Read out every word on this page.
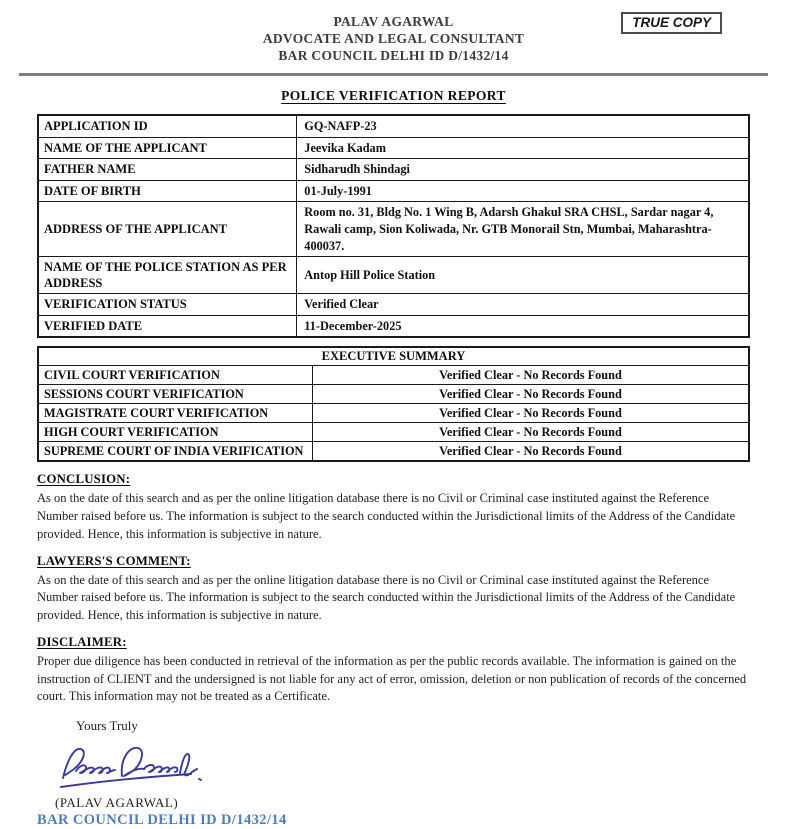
PALAV AGARWAL
ADVOCATE AND LEGAL CONSULTANT
BAR COUNCIL DELHI ID D/1432/14
TRUE COPY
POLICE VERIFICATION REPORT
APPLICATION ID	GQ-NAFP-23
NAME OF THE APPLICANT	Jeevika Kadam
FATHER NAME	Sidharudh Shindagi
DATE OF BIRTH	01-July-1991
ADDRESS OF THE APPLICANT	Room no. 31, Bldg No. 1 Wing B, Adarsh Ghakul SRA CHSL, Sardar nagar 4, Rawali camp, Sion Koliwada, Nr. GTB Monorail Stn, Mumbai, Maharashtra-400037.
NAME OF THE POLICE STATION AS PER ADDRESS	Antop Hill Police Station
VERIFICATION STATUS	Verified Clear
VERIFIED DATE	11-December-2025
EXECUTIVE SUMMARY	
CIVIL COURT VERIFICATION	Verified Clear - No Records Found
SESSIONS COURT VERIFICATION	Verified Clear - No Records Found
MAGISTRATE COURT VERIFICATION	Verified Clear - No Records Found
HIGH COURT VERIFICATION	Verified Clear - No Records Found
SUPREME COURT OF INDIA VERIFICATION	Verified Clear - No Records Found
CONCLUSION:

As on the date of this search and as per the online litigation database there is no Civil or Criminal case instituted against the Reference Number raised before us. The information is subject to the search conducted within the Jurisdictional limits of the Address of the Candidate provided. Hence, this information is subjective in nature.

LAWYERS'S COMMENT:

As on the date of this search and as per the online litigation database there is no Civil or Criminal case instituted against the Reference Number raised before us. The information is subject to the search conducted within the Jurisdictional limits of the Address of the Candidate provided. Hence, this information is subjective in nature.

DISCLAIMER:

Proper due diligence has been conducted in retrieval of the information as per the public records available. The information is gained on the instruction of CLIENT and the undersigned is not liable for any act of error, omission, deletion or non publication of records of the concerned court. This information may not be treated as a Certificate.

Yours Truly
(PALAV AGARWAL)
BAR COUNCIL DELHI ID D/1432/14
